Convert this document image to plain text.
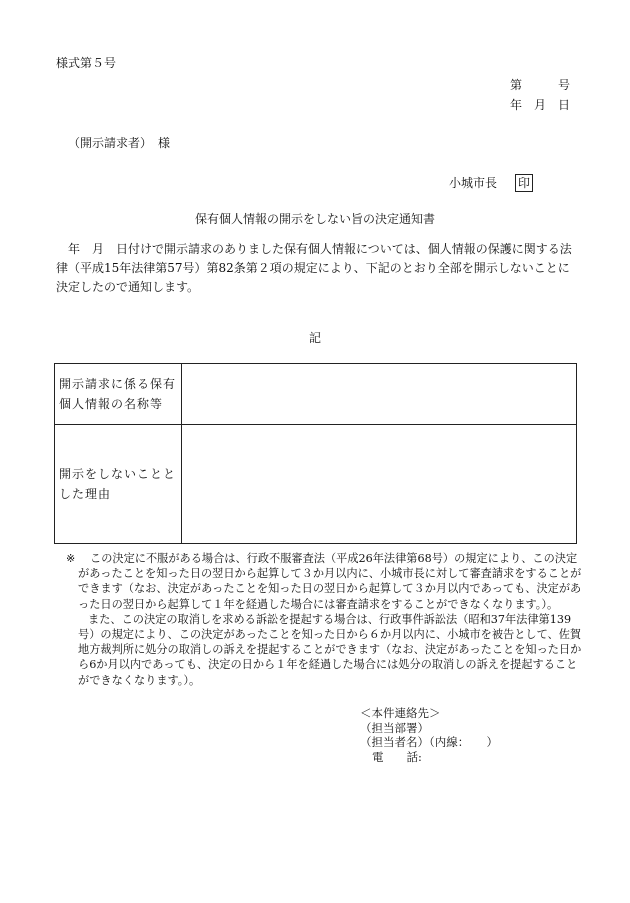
様式第５号
第　　　号
年　月　日
（開示請求者）　様
小城市長 印
保有個人情報の開示をしない旨の決定通知書

年　月　日付けで開示請求のありました保有個人情報については、個人情報の保護に関する法律（平成15年法律第57号）第82条第２項の規定により、下記のとおり全部を開示しないことに決定したので通知します。

記
開示請求に係る保有個人情報の名称等	
開示をしないこととした理由	

※ この決定に不服がある場合は、行政不服審査法（平成26年法律第68号）の規定により、この決定があったことを知った日の翌日から起算して３か月以内に、小城市長に対して審査請求をすることができます（なお、決定があったことを知った日の翌日から起算して３か月以内であっても、決定があった日の翌日から起算して１年を経過した場合には審査請求をすることができなくなります。）。

また、この決定の取消しを求める訴訟を提起する場合は、行政事件訴訟法（昭和37年法律第139号）の規定により、この決定があったことを知った日から６か月以内に、小城市を被告として、佐賀地方裁判所に処分の取消しの訴えを提起することができます（なお、決定があったことを知った日から6か月以内であっても、決定の日から１年を経過した場合には処分の取消しの訴えを提起することができなくなります。）。

＜本件連絡先＞
（担当部署）
（担当者名）（内線：　　）
電　　話:
